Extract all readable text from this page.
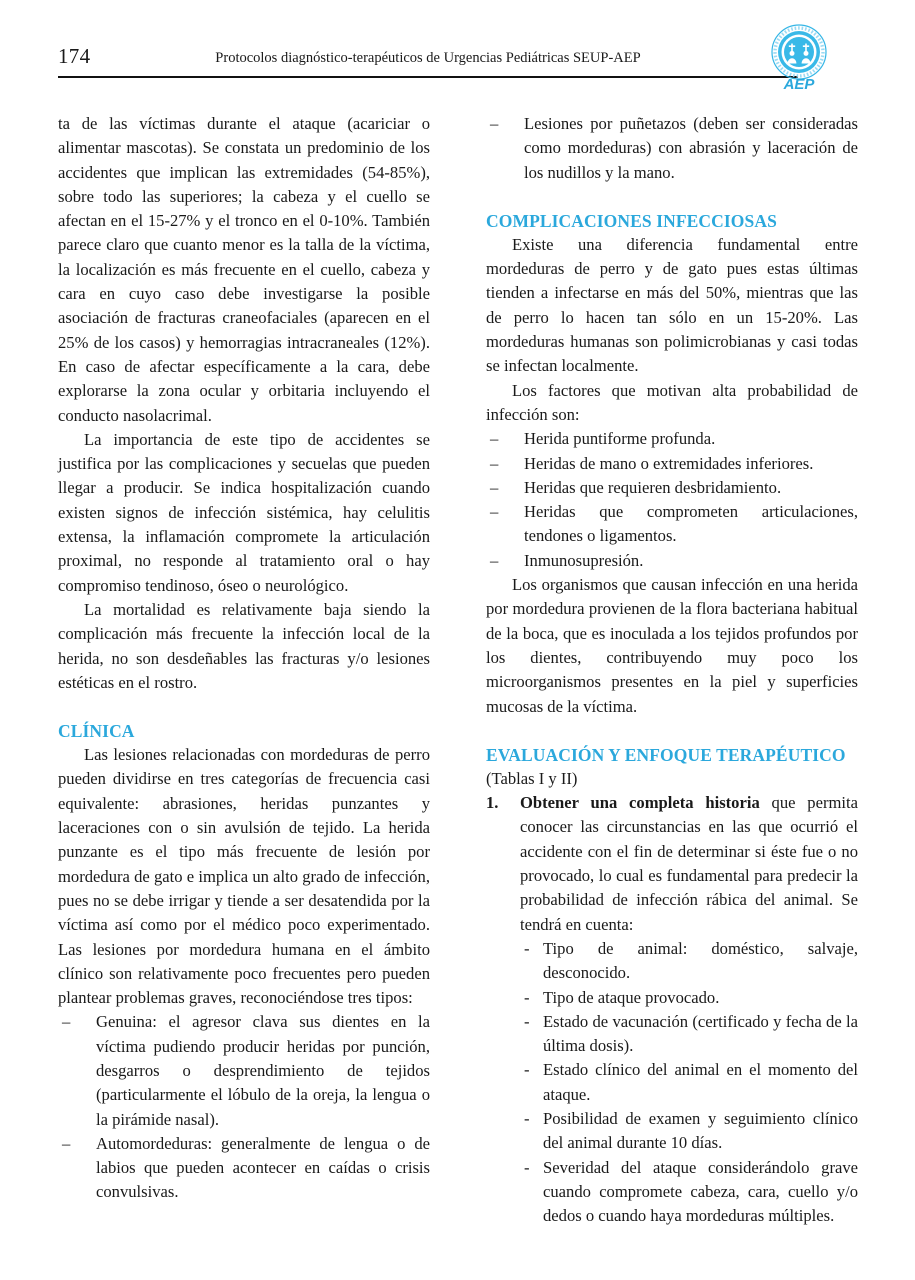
174	Protocolos diagnóstico-terapéuticos de Urgencias Pediátricas SEUP-AEP
AEP

ta de las víctimas durante el ataque (acariciar o alimentar mascotas). Se constata un predominio de los accidentes que implican las extremidades (54-85%), sobre todo las superiores; la cabeza y el cuello se afectan en el 15-27% y el tronco en el 0-10%. También parece claro que cuanto menor es la talla de la víctima, la localización es más frecuente en el cuello, cabeza y cara en cuyo caso debe investigarse la posible asociación de fracturas craneofaciales (aparecen en el 25% de los casos) y hemorragias intracraneales (12%). En caso de afectar específicamente a la cara, debe explorarse la zona ocular y orbitaria incluyendo el conducto nasolacrimal.

La importancia de este tipo de accidentes se justifica por las complicaciones y secuelas que pueden llegar a producir. Se indica hospitalización cuando existen signos de infección sistémica, hay celulitis extensa, la inflamación compromete la articulación proximal, no responde al tratamiento oral o hay compromiso tendinoso, óseo o neurológico.

La mortalidad es relativamente baja siendo la complicación más frecuente la infección local de la herida, no son desdeñables las fracturas y/o lesiones estéticas en el rostro.

CLÍNICA

Las lesiones relacionadas con mordeduras de perro pueden dividirse en tres categorías de frecuencia casi equivalente: abrasiones, heridas punzantes y laceraciones con o sin avulsión de tejido. La herida punzante es el tipo más frecuente de lesión por mordedura de gato e implica un alto grado de infección, pues no se debe irrigar y tiende a ser desatendida por la víctima así como por el médico poco experimentado. Las lesiones por mordedura humana en el ámbito clínico son relativamente poco frecuentes pero pueden plantear problemas graves, reconociéndose tres tipos:

–	Genuina: el agresor clava sus dientes en la víctima pudiendo producir heridas por punción, desgarros o desprendimiento de tejidos (particularmente el lóbulo de la oreja, la lengua o la pirámide nasal).
–	Automordeduras: generalmente de lengua o de labios que pueden acontecer en caídas o crisis convulsivas.
–	Lesiones por puñetazos (deben ser consideradas como mordeduras) con abrasión y laceración de los nudillos y la mano.
COMPLICACIONES INFECCIOSAS

Existe una diferencia fundamental entre mordeduras de perro y de gato pues estas últimas tienden a infectarse en más del 50%, mientras que las de perro lo hacen tan sólo en un 15-20%. Las mordeduras humanas son polimicrobianas y casi todas se infectan localmente.

Los factores que motivan alta probabilidad de infección son:

–	Herida puntiforme profunda.
–	Heridas de mano o extremidades inferiores.
–	Heridas que requieren desbridamiento.
–	Heridas que comprometen articulaciones, tendones o ligamentos.
–	Inmunosupresión.

Los organismos que causan infección en una herida por mordedura provienen de la flora bacteriana habitual de la boca, que es inoculada a los tejidos profundos por los dientes, contribuyendo muy poco los microorganismos presentes en la piel y superficies mucosas de la víctima.

EVALUACIÓN Y ENFOQUE TERAPÉUTICO

(Tablas I y II)

1. Obtener una completa historia que permita conocer las circunstancias en las que ocurrió el accidente con el fin de determinar si éste fue o no provocado, lo cual es fundamental para predecir la probabilidad de infección rábica del animal. Se tendrá en cuenta:
- Tipo de animal: doméstico, salvaje, desconocido.
- Tipo de ataque provocado.
- Estado de vacunación (certificado y fecha de la última dosis).
- Estado clínico del animal en el momento del ataque.
- Posibilidad de examen y seguimiento clínico del animal durante 10 días.
- Severidad del ataque considerándolo grave cuando compromete cabeza, cara, cuello y/o dedos o cuando haya mordeduras múltiples.
